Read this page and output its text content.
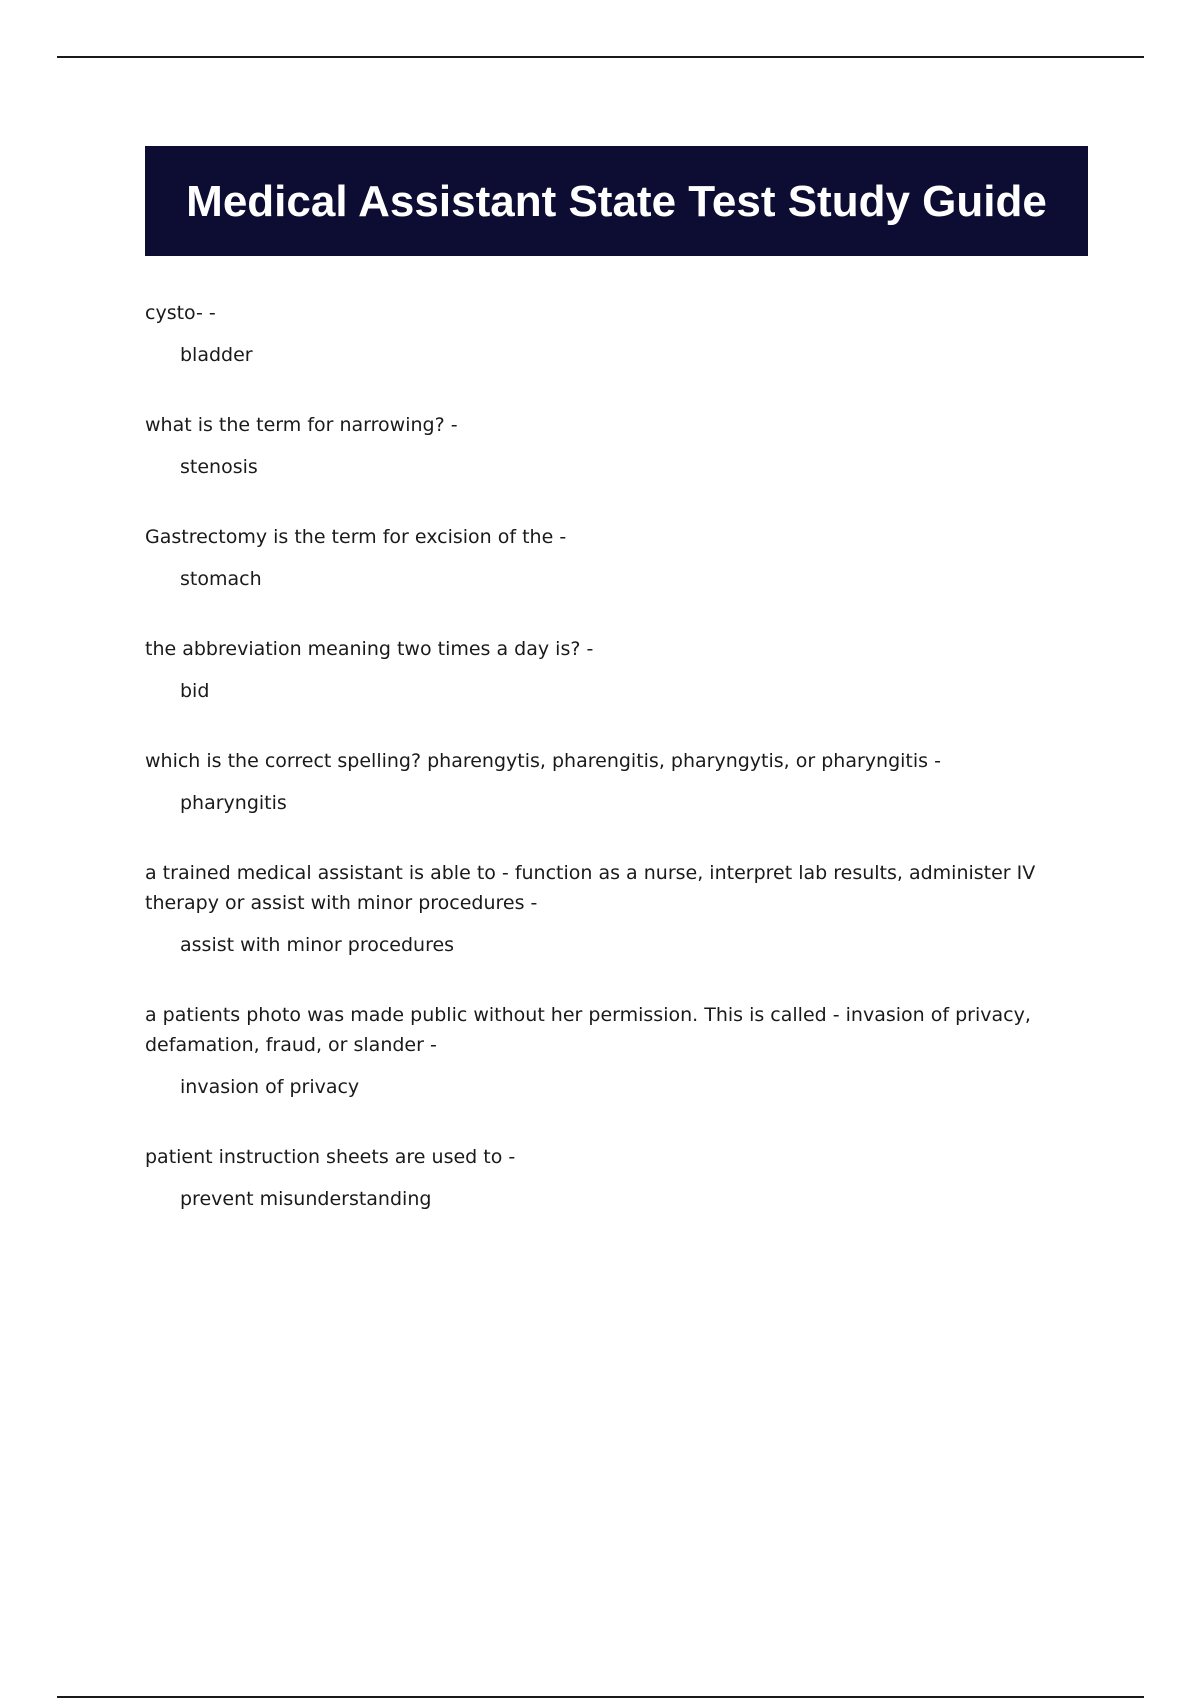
Medical Assistant State Test Study Guide
cysto- -
bladder
what is the term for narrowing? -
stenosis
Gastrectomy is the term for excision of the -
stomach
the abbreviation meaning two times a day is? -
bid
which is the correct spelling? pharengytis, pharengitis, pharyngytis, or pharyngitis -
pharyngitis
a trained medical assistant is able to - function as a nurse, interpret lab results, administer IV therapy or assist with minor procedures -
assist with minor procedures
a patients photo was made public without her permission. This is called - invasion of privacy, defamation, fraud, or slander -
invasion of privacy
patient instruction sheets are used to -
prevent misunderstanding
